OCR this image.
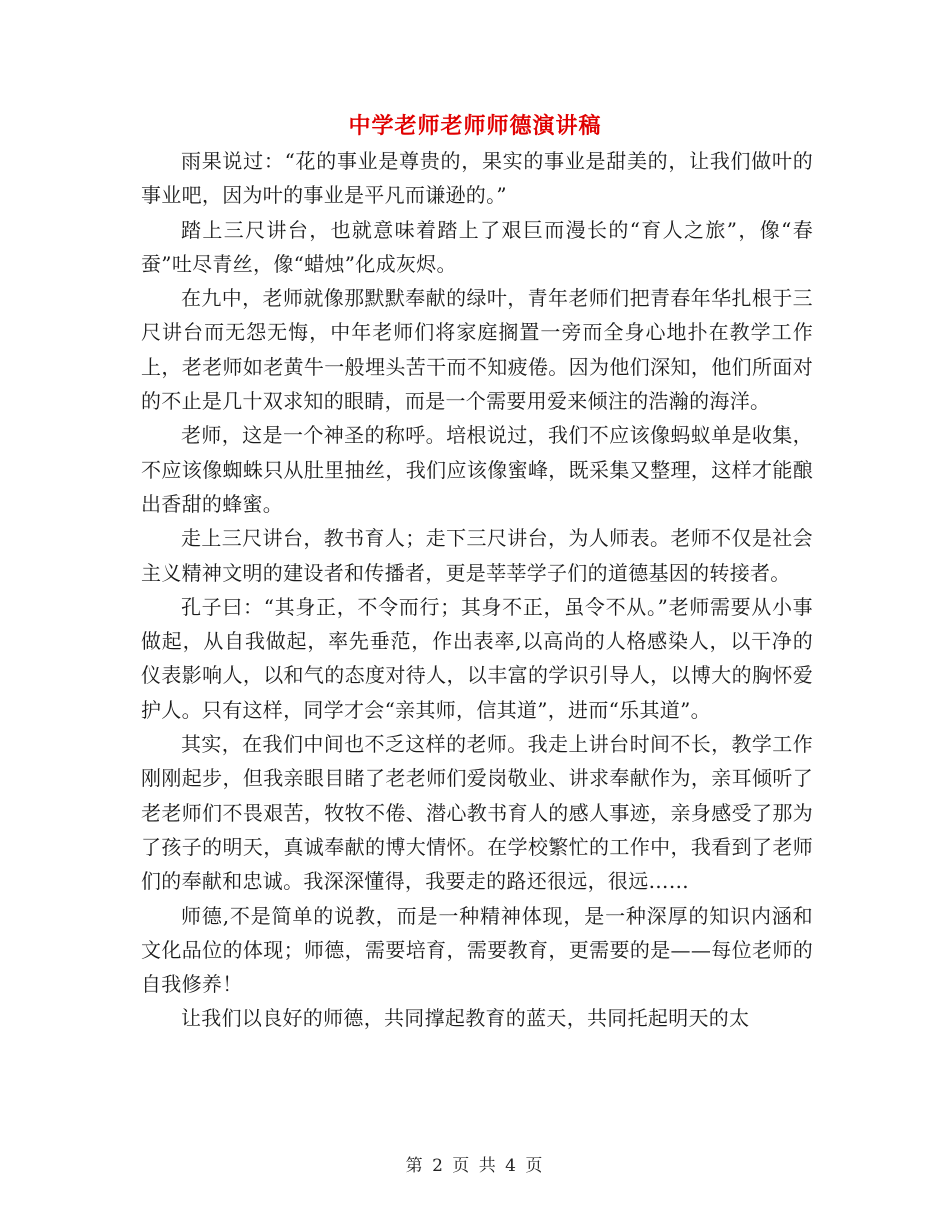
中学老师老师师德演讲稿

雨果说过：“花的事业是尊贵的，果实的事业是甜美的，让我们做叶的事业吧，因为叶的事业是平凡而谦逊的。”

踏上三尺讲台，也就意味着踏上了艰巨而漫长的“育人之旅”，像“春蚕”吐尽青丝，像“蜡烛”化成灰烬。

在九中，老师就像那默默奉献的绿叶，青年老师们把青春年华扎根于三尺讲台而无怨无悔，中年老师们将家庭搁置一旁而全身心地扑在教学工作上，老老师如老黄牛一般埋头苦干而不知疲倦。因为他们深知，他们所面对的不止是几十双求知的眼睛，而是一个需要用爱来倾注的浩瀚的海洋。

老师，这是一个神圣的称呼。培根说过，我们不应该像蚂蚁单是收集，不应该像蜘蛛只从肚里抽丝，我们应该像蜜峰，既采集又整理，这样才能酿出香甜的蜂蜜。

走上三尺讲台，教书育人；走下三尺讲台，为人师表。老师不仅是社会主义精神文明的建设者和传播者，更是莘莘学子们的道德基因的转接者。

孔子曰：“其身正，不令而行；其身不正，虽令不从。”老师需要从小事做起，从自我做起，率先垂范，作出表率,以高尚的人格感染人，以干净的仪表影响人，以和气的态度对待人，以丰富的学识引导人，以博大的胸怀爱护人。只有这样，同学才会“亲其师，信其道”，进而“乐其道”。

其实，在我们中间也不乏这样的老师。我走上讲台时间不长，教学工作刚刚起步，但我亲眼目睹了老老师们爱岗敬业、讲求奉献作为，亲耳倾听了老老师们不畏艰苦，牧牧不倦、潜心教书育人的感人事迹，亲身感受了那为了孩子的明天，真诚奉献的博大情怀。在学校繁忙的工作中，我看到了老师们的奉献和忠诚。我深深懂得，我要走的路还很远，很远……

师德,不是简单的说教，而是一种精神体现，是一种深厚的知识内涵和文化品位的体现；师德，需要培育，需要教育，更需要的是——每位老师的自我修养！

让我们以良好的师德，共同撑起教育的蓝天，共同托起明天的太

第 2 页 共 4 页
